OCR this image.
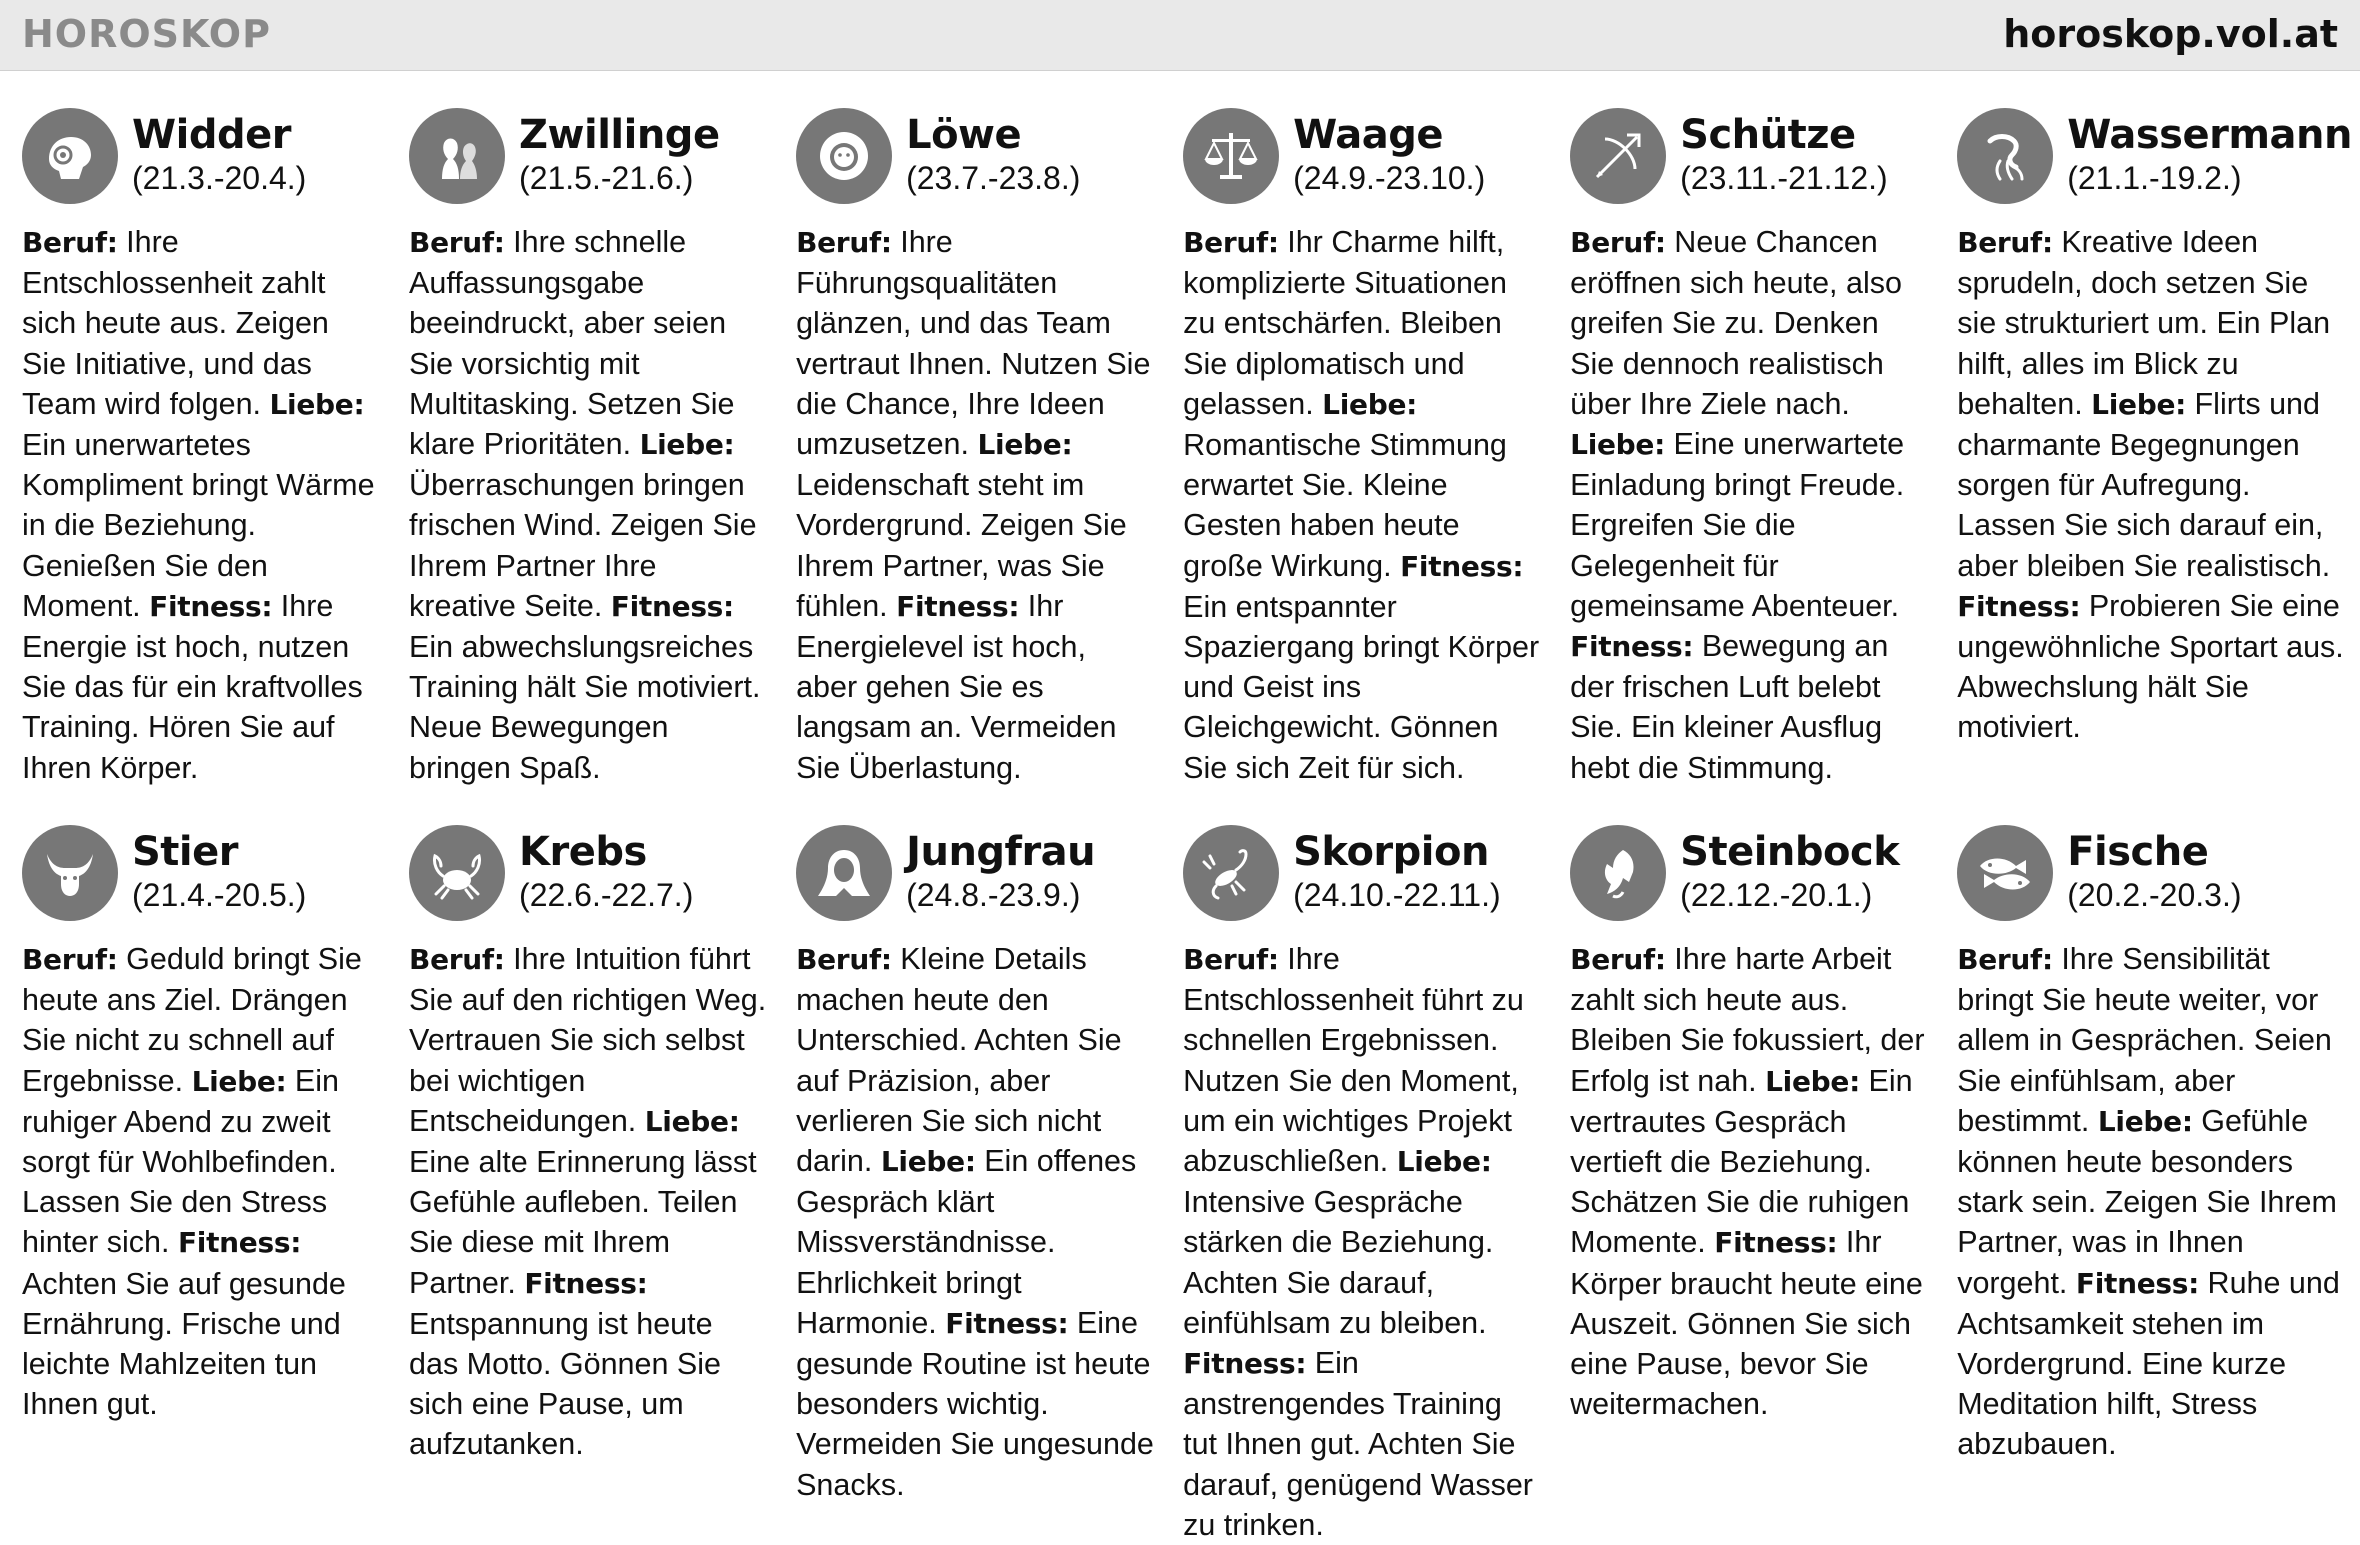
HOROSKOP	horoskop.vol.at
Widder
(21.3.-20.4.)
Beruf: Ihre Entschlossenheit zahlt sich heute aus. Zeigen Sie Initiative, und das Team wird folgen. Liebe: Ein unerwartetes Kompliment bringt Wärme in die Beziehung. Genießen Sie den Moment. Fitness: Ihre Energie ist hoch, nutzen Sie das für ein kraftvolles Training. Hören Sie auf Ihren Körper.
Zwillinge
(21.5.-21.6.)
Beruf: Ihre schnelle Auffassungsgabe beeindruckt, aber seien Sie vorsichtig mit Multitasking. Setzen Sie klare Prioritäten. Liebe: Überraschungen bringen frischen Wind. Zeigen Sie Ihrem Partner Ihre kreative Seite. Fitness: Ein abwechslungsreiches Training hält Sie motiviert. Neue Bewegungen bringen Spaß.
Löwe
(23.7.-23.8.)
Beruf: Ihre Führungsqualitäten glänzen, und das Team vertraut Ihnen. Nutzen Sie die Chance, Ihre Ideen umzusetzen. Liebe: Leidenschaft steht im Vordergrund. Zeigen Sie Ihrem Partner, was Sie fühlen. Fitness: Ihr Energielevel ist hoch, aber gehen Sie es langsam an. Vermeiden Sie Überlastung.
Waage
(24.9.-23.10.)
Beruf: Ihr Charme hilft, komplizierte Situationen zu entschärfen. Bleiben Sie diplomatisch und gelassen. Liebe: Romantische Stimmung erwartet Sie. Kleine Gesten haben heute große Wirkung. Fitness: Ein entspannter Spaziergang bringt Körper und Geist ins Gleichgewicht. Gönnen Sie sich Zeit für sich.
Schütze
(23.11.-21.12.)
Beruf: Neue Chancen eröffnen sich heute, also greifen Sie zu. Denken Sie dennoch realistisch über Ihre Ziele nach. Liebe: Eine unerwartete Einladung bringt Freude. Ergreifen Sie die Gelegenheit für gemeinsame Abenteuer. Fitness: Bewegung an der frischen Luft belebt Sie. Ein kleiner Ausflug hebt die Stimmung.
Wassermann
(21.1.-19.2.)
Beruf: Kreative Ideen sprudeln, doch setzen Sie sie strukturiert um. Ein Plan hilft, alles im Blick zu behalten. Liebe: Flirts und charmante Begegnungen sorgen für Aufregung. Lassen Sie sich darauf ein, aber bleiben Sie realistisch. Fitness: Probieren Sie eine ungewöhnliche Sportart aus. Abwechslung hält Sie motiviert.
Stier
(21.4.-20.5.)
Beruf: Geduld bringt Sie heute ans Ziel. Drängen Sie nicht zu schnell auf Ergebnisse. Liebe: Ein ruhiger Abend zu zweit sorgt für Wohlbefinden. Lassen Sie den Stress hinter sich. Fitness: Achten Sie auf gesunde Ernährung. Frische und leichte Mahlzeiten tun Ihnen gut.
Krebs
(22.6.-22.7.)
Beruf: Ihre Intuition führt Sie auf den richtigen Weg. Vertrauen Sie sich selbst bei wichtigen Entscheidungen. Liebe: Eine alte Erinnerung lässt Gefühle aufleben. Teilen Sie diese mit Ihrem Partner. Fitness: Entspannung ist heute das Motto. Gönnen Sie sich eine Pause, um aufzutanken.
Jungfrau
(24.8.-23.9.)
Beruf: Kleine Details machen heute den Unterschied. Achten Sie auf Präzision, aber verlieren Sie sich nicht darin. Liebe: Ein offenes Gespräch klärt Missverständnisse. Ehrlichkeit bringt Harmonie. Fitness: Eine gesunde Routine ist heute besonders wichtig. Vermeiden Sie ungesunde Snacks.
Skorpion
(24.10.-22.11.)
Beruf: Ihre Entschlossenheit führt zu schnellen Ergebnissen. Nutzen Sie den Moment, um ein wichtiges Projekt abzuschließen. Liebe: Intensive Gespräche stärken die Beziehung. Achten Sie darauf, einfühlsam zu bleiben. Fitness: Ein anstrengendes Training tut Ihnen gut. Achten Sie darauf, genügend Wasser zu trinken.
Steinbock
(22.12.-20.1.)
Beruf: Ihre harte Arbeit zahlt sich heute aus. Bleiben Sie fokussiert, der Erfolg ist nah. Liebe: Ein vertrautes Gespräch vertieft die Beziehung. Schätzen Sie die ruhigen Momente. Fitness: Ihr Körper braucht heute eine Auszeit. Gönnen Sie sich eine Pause, bevor Sie weitermachen.
Fische
(20.2.-20.3.)
Beruf: Ihre Sensibilität bringt Sie heute weiter, vor allem in Gesprächen. Seien Sie einfühlsam, aber bestimmt. Liebe: Gefühle können heute besonders stark sein. Zeigen Sie Ihrem Partner, was in Ihnen vorgeht. Fitness: Ruhe und Achtsamkeit stehen im Vordergrund. Eine kurze Meditation hilft, Stress abzubauen.
